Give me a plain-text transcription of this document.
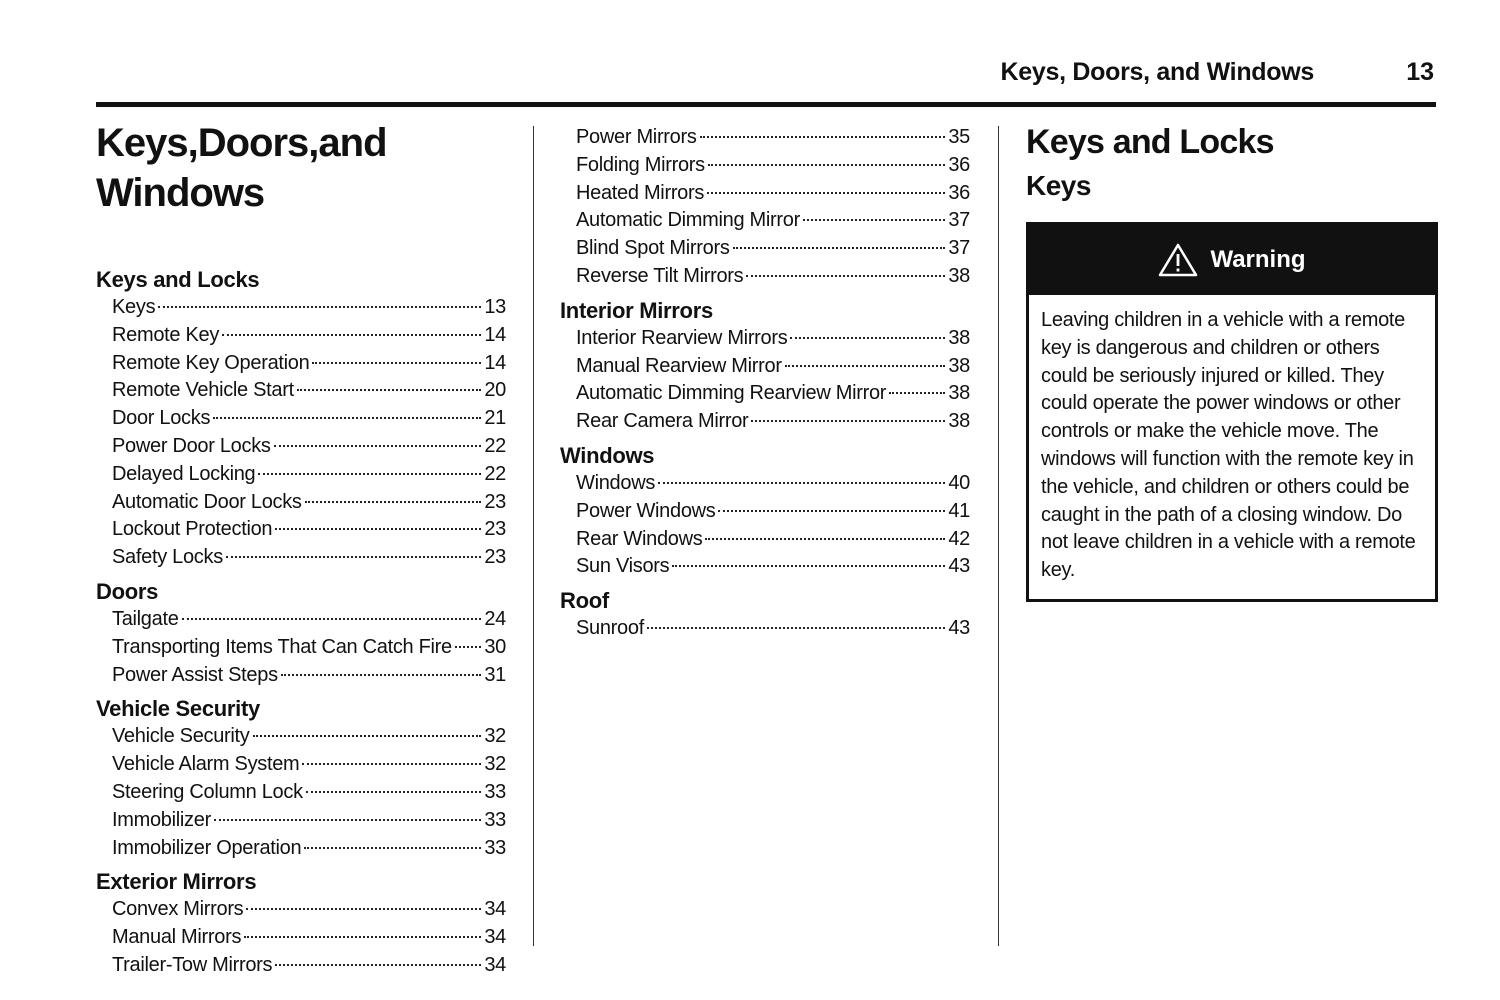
Keys, Doors, and Windows	13
Keys,Doors,and Windows
Keys and Locks
Keys	13
Remote Key	14
Remote Key Operation	14
Remote Vehicle Start	20
Door Locks	21
Power Door Locks	22
Delayed Locking	22
Automatic Door Locks	23
Lockout Protection	23
Safety Locks	23
Doors
Tailgate	24
Transporting Items That Can Catch Fire 30
Power Assist Steps	31
Vehicle Security
Vehicle Security	32
Vehicle Alarm System	32
Steering Column Lock	33
Immobilizer	33
Immobilizer Operation	33
Exterior Mirrors
Convex Mirrors	34
Manual Mirrors	34
Trailer-Tow Mirrors	34
Power Mirrors	35
Folding Mirrors	36
Heated Mirrors	36
Automatic Dimming Mirror	37
Blind Spot Mirrors	37
Reverse Tilt Mirrors	38
Interior Mirrors
Interior Rearview Mirrors	38
Manual Rearview Mirror	38
Automatic Dimming Rearview Mirror	38
Rear Camera Mirror	38
Windows
Windows	40
Power Windows	41
Rear Windows	42
Sun Visors	43
Roof
Sunroof	43
Keys and Locks
Keys
Warning
Leaving children in a vehicle with a remote key is dangerous and children or others could be seriously injured or killed. They could operate the power windows or other controls or make the vehicle move. The windows will function with the remote key in the vehicle, and children or others could be caught in the path of a closing window. Do not leave children in a vehicle with a remote key.
